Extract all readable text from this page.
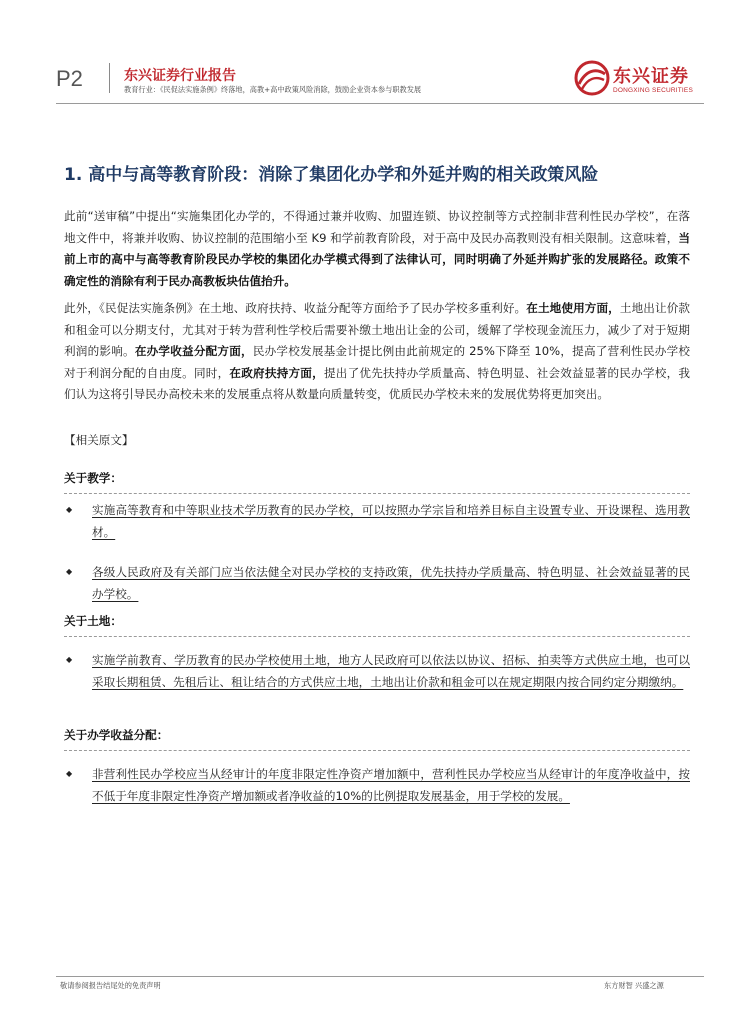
P2	东兴证券行业报告
教育行业：《民促法实施条例》终落地，高教+高中政策风险消除，鼓励企业资本参与职教发展
东兴证券
DONGXING SECURITIES
1. 高中与高等教育阶段：消除了集团化办学和外延并购的相关政策风险

此前“送审稿”中提出“实施集团化办学的，不得通过兼并收购、加盟连锁、协议控制等方式控制非营利性民办学校”，在落地文件中，将兼并收购、协议控制的范围缩小至 K9 和学前教育阶段，对于高中及民办高教则没有相关限制。这意味着，当前上市的高中与高等教育阶段民办学校的集团化办学模式得到了法律认可，同时明确了外延并购扩张的发展路径。政策不确定性的消除有利于民办高教板块估值抬升。

此外，《民促法实施条例》在土地、政府扶持、收益分配等方面给予了民办学校多重利好。在土地使用方面，土地出让价款和租金可以分期支付，尤其对于转为营利性学校后需要补缴土地出让金的公司，缓解了学校现金流压力，减少了对于短期利润的影响。在办学收益分配方面，民办学校发展基金计提比例由此前规定的 25%下降至 10%，提高了营利性民办学校对于利润分配的自由度。同时，在政府扶持方面，提出了优先扶持办学质量高、特色明显、社会效益显著的民办学校，我们认为这将引导民办高校未来的发展重点将从数量向质量转变，优质民办学校未来的发展优势将更加突出。

【相关原文】
关于教学：
◆ 实施高等教育和中等职业技术学历教育的民办学校，可以按照办学宗旨和培养目标自主设置专业、开设课程、选用教材。

◆ 各级人民政府及有关部门应当依法健全对民办学校的支持政策，优先扶持办学质量高、特色明显、社会效益显著的民办学校。

关于土地：
◆ 实施学前教育、学历教育的民办学校使用土地，地方人民政府可以依法以协议、招标、拍卖等方式供应土地，也可以采取长期租赁、先租后让、租让结合的方式供应土地，土地出让价款和租金可以在规定期限内按合同约定分期缴纳。

关于办学收益分配：
◆ 非营利性民办学校应当从经审计的年度非限定性净资产增加额中，营利性民办学校应当从经审计的年度净收益中，按不低于年度非限定性净资产增加额或者净收益的10%的比例提取发展基金，用于学校的发展。

敬请参阅报告结尾处的免责声明	东方财智 兴盛之源
